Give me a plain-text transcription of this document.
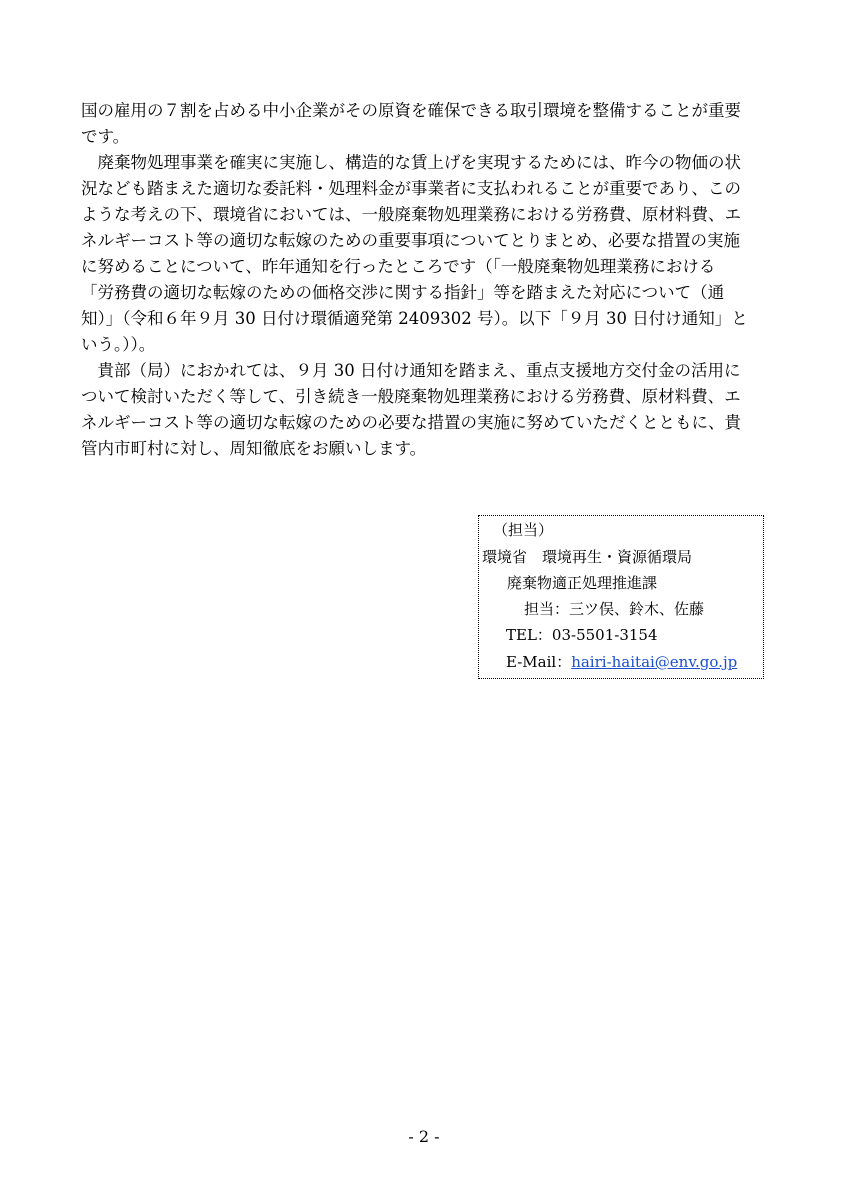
国の雇用の７割を占める中小企業がその原資を確保できる取引環境を整備することが重要
です。
　廃棄物処理事業を確実に実施し、構造的な賃上げを実現するためには、昨今の物価の状
況なども踏まえた適切な委託料・処理料金が事業者に支払われることが重要であり、この
ような考えの下、環境省においては、一般廃棄物処理業務における労務費、原材料費、エ
ネルギーコスト等の適切な転嫁のための重要事項についてとりまとめ、必要な措置の実施
に努めることについて、昨年通知を行ったところです（「一般廃棄物処理業務における
「労務費の適切な転嫁のための価格交渉に関する指針」等を踏まえた対応について（通
知）」（令和６年９月 30 日付け環循適発第 2409302 号）。以下「９月 30 日付け通知」と
いう。））。
　貴部（局）におかれては、９月 30 日付け通知を踏まえ、重点支援地方交付金の活用に
ついて検討いただく等して、引き続き一般廃棄物処理業務における労務費、原材料費、エ
ネルギーコスト等の適切な転嫁のための必要な措置の実施に努めていただくとともに、貴
管内市町村に対し、周知徹底をお願いします。
（担当）
環境省　環境再生・資源循環局
廃棄物適正処理推進課
担当：三ツ俣、鈴木、佐藤
TEL：03-5501-3154
E-Mail：hairi-haitai@env.go.jp
- 2 -
